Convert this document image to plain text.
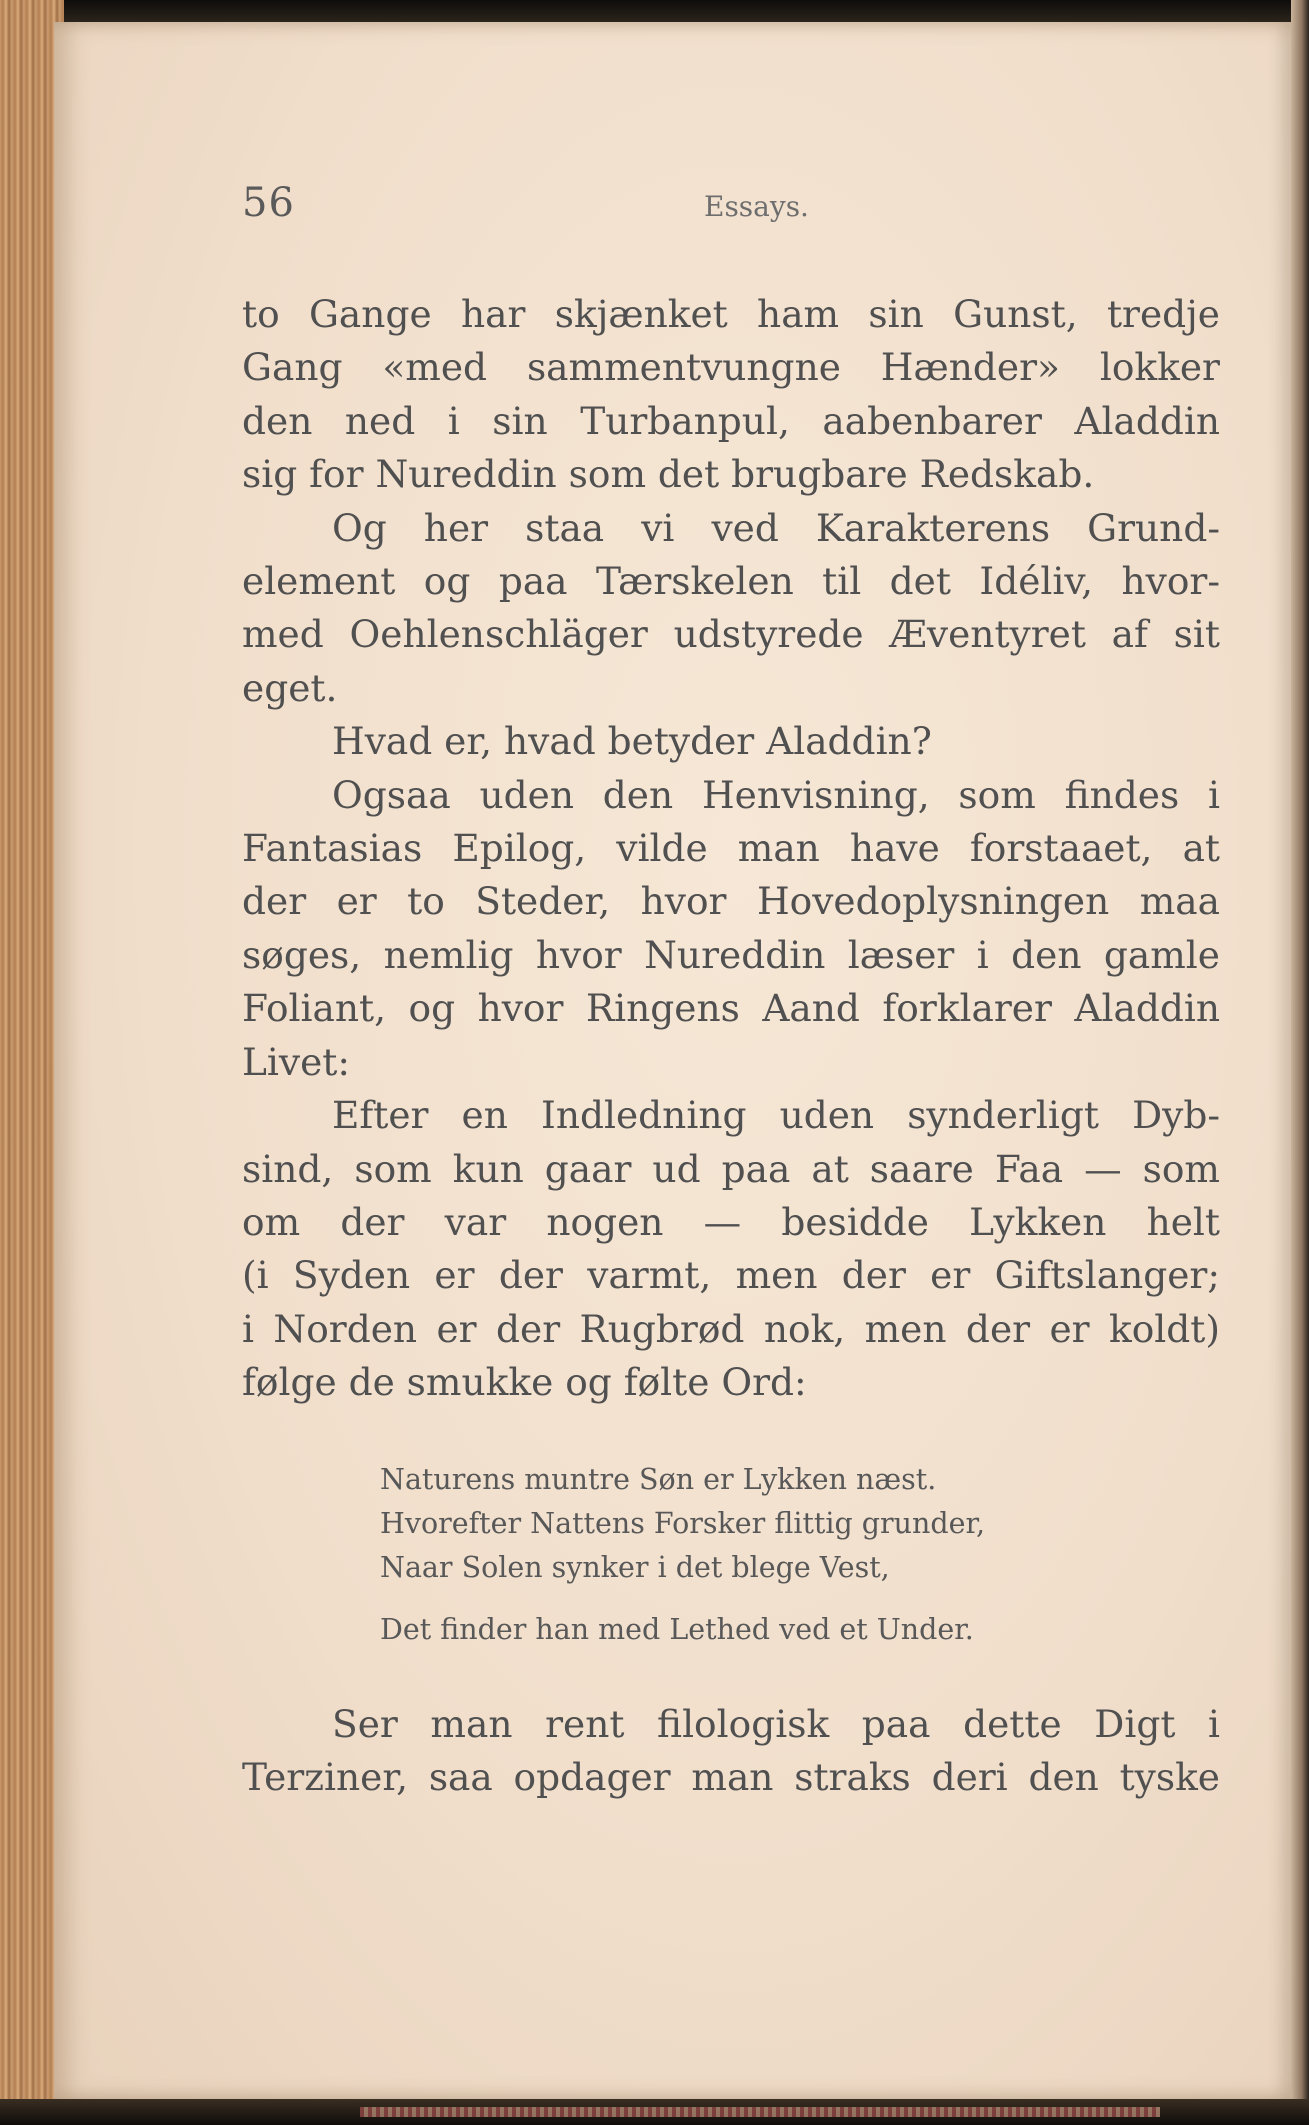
56	Essays.
to Gange har skjænket ham sin Gunst, tredje
Gang «med sammentvungne Hænder» lokker
den ned i sin Turbanpul, aabenbarer Aladdin
sig for Nureddin som det brugbare Redskab.
Og her staa vi ved Karakterens Grund-
element og paa Tærskelen til det Idéliv, hvor-
med Oehlenschläger udstyrede Æventyret af sit
eget.
Hvad er, hvad betyder Aladdin?
Ogsaa uden den Henvisning, som findes i
Fantasias Epilog, vilde man have forstaaet, at
der er to Steder, hvor Hovedoplysningen maa
søges, nemlig hvor Nureddin læser i den gamle
Foliant, og hvor Ringens Aand forklarer Aladdin
Livet:
Efter en Indledning uden synderligt Dyb-
sind, som kun gaar ud paa at saare Faa — som
om der var nogen — besidde Lykken helt
(i Syden er der varmt, men der er Giftslanger;
i Norden er der Rugbrød nok, men der er koldt)
følge de smukke og følte Ord:
Naturens muntre Søn er Lykken næst.
Hvorefter Nattens Forsker flittig grunder,
Naar Solen synker i det blege Vest,
Det finder han med Lethed ved et Under.
Ser man rent filologisk paa dette Digt i
Terziner, saa opdager man straks deri den tyske
